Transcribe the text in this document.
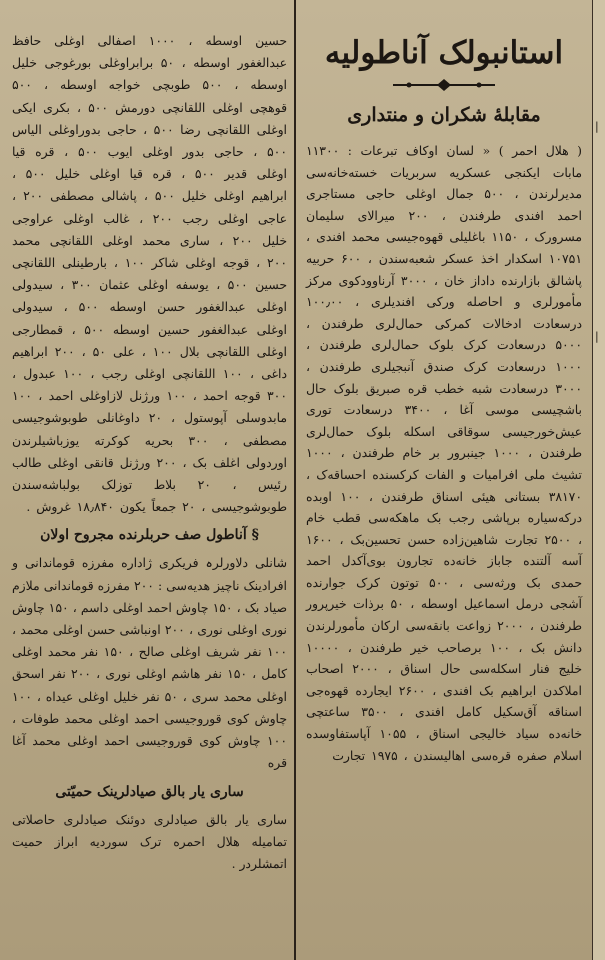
استانبولک آناطولیه
مقابلهٔ شکران و منتداری

( هلال احمر ) « لسان اوکاف تبرعات : ۱۱۳۰۰ مابات ایکنجی عسکریه سربریات خسته‌خانه‌سی مدیرلرندن ، ۵۰۰ جمال اوغلی حاجی مستاجری احمد افندی طرفندن ، ۲۰۰ میرالای سلیمان مسرورک ، ۱۱۵۰ باغلیلی قهوه‌جیسی محمد افندی ، ۱۰۷۵۱ اسکدار اخذ عسکر شعبه‌سندن ، ۶۰۰ حربیه پاشالق بازارنده داداز خان ، ۳۰۰۰ آرناوودکوی مرکز مأمورلری و احاصله ورکی افندیلری ، ۱۰۰٫۰۰ درسعادت ادخالات کمرکی حمال‌لری طرفندن ، ۵۰۰۰ درسعادت کرک بلوک حمال‌لری طرفندن ، ۱۰۰۰ درسعادت کرک صندق آنبجیلری طرفندن ، ۳۰۰۰ درسعادت شبه خطب قره صبریق بلوک حال باشچیسی موسی آغا ، ۳۴۰۰ درسعادت توری عیش‌خورجیسی سوقاقی اسکله بلوک حمال‌لری طرفندن ، ۱۰۰۰ جینبرور بر خام طرفندن ، ۱۰۰۰ تشیث ملی افرامیات و الفات کرکسنده احساقه‌ک ، ۳۸۱۷۰ بستانی هیئی اسناق طرفندن ، ۱۰۰ اوبده درکه‌سیاره برپاشی رجب بک ماهکه‌سی قطب خام ، ۲۵۰۰ تجارت شاهین‌زاده حسن تحسین‌بک ، ۱۶۰۰ آسه آلتنده جاباز خانه‌ده تجارون بوی‌آکدل احمد حمدی بک ورثه‌سی ، ۵۰۰ توتون کرک جوارنده آشجی درمل اسماعیل اوسطه ، ۵۰ برذات خیرپرور طرفندن ، ۲۰۰۰ زواعت بانقه‌سی ارکان مأمورلرندن دانش بک ، ۱۰۰ برصاحب خیر طرفندن ، ۱۰۰۰۰ خلیج فنار اسکله‌سی حال اسناق ، ۲۰۰۰ اصحاب املاکدن ابراهیم بک افندی ، ۲۶۰۰ ایجارده قهوه‌جی اسناقه آق‌سکیل کامل افندی ، ۳۵۰۰ ساعتچی خانه‌ده سیاد خالیجی اسناق ، ۱۰۵۵ آپاستفاوسده اسلام صفره قره‌سی اهالیسندن ، ۱۹۷۵ تجارت

حسین اوسطه ، ۱۰۰۰ اصفالی اوغلی حافظ عبدالغفور اوسطه ، ۵۰ برابراوغلی بورغوجی خلیل اوسطه ، ۵۰۰ طوبچی خواجه اوسطه ، ۵۰۰ قوهچی اوغلی اللقانچی دورمش ۵۰۰ ، بکری ایکی اوغلی اللقانچی رضا ۵۰۰ ، حاجی بدوراوغلی الیاس ۵۰۰ ، حاجی بدور اوغلی ایوب ۵۰۰ ، قره قیا اوغلی قدیر ۵۰۰ ، قره قیا اوغلی خلیل ۵۰۰ ، ابراهیم اوغلی خلیل ۵۰۰ ، پاشالی مصطفی ۲۰۰ ، عاجی اوغلی رجب ۲۰۰ ، غالب اوغلی عراوجی خلیل ۲۰۰ ، ساری محمد اوغلی اللقانچی محمد ۲۰۰ ، قوجه اوغلی شاکر ۱۰۰ ، بارطینلی اللقانچی حسین ۵۰۰ ، یوسفه اوغلی عثمان ۳۰۰ ، سیدولی اوغلی عبدالغفور حسن اوسطه ۵۰۰ ، سیدولی اوغلی عبدالغفور حسین اوسطه ۵۰۰ ، قمطارجی اوغلی اللقانچی بلال ۱۰۰ ، علی ۵۰ ، ۲۰۰ ابراهیم داغی ، ۱۰۰ اللقانچی اوغلی رجب ، ۱۰۰ عبدول ، ۳۰۰ قوجه احمد ، ۱۰۰ ورژنل لازاوغلی احمد ، ۱۰۰ مابدوسلی آپوستول ، ۲۰ داوغانلی طوبوشوجیسی مصطفی ، ۳۰۰ بحریه کوکرته یوزباشیلرندن اوردولی اغلف بک ، ۲۰۰ ورژنل قانقی اوغلی طالب رئیس ، ۲۰ بلاط توزلک بولباشه‌سندن طوبوشوجیسی ، ۲۰ جمعاً یکون ۱۸٫۸۴۰ غروش .

§ آناطول صف حربلرنده مجروح اولان

شانلی دلاورلرہ فریکری ژاداره مفرزه قوماندانی و افرادینک ناچیز هدیه‌سی : ۲۰۰ مفرزه قوماندانی ملازم صیاد بک ، ۱۵۰ چاوش احمد اوغلی داسم ، ۱۵۰ چاوش نوری اوغلی نوری ، ۲۰۰ اونباشی حسن اوغلی محمد ، ۱۰۰ نفر شریف اوغلی صالح ، ۱۵۰ نفر محمد اوغلی کامل ، ۱۵۰ نفر هاشم اوغلی نوری ، ۲۰۰ نفر اسحق اوغلی محمد سری ، ۵۰ نفر خلیل اوغلی عیداه ، ۱۰۰ چاوش کوی قوروجیسی احمد اوغلی محمد طوفات ، ۱۰۰ چاوش کوی قوروجیسی احمد اوغلی محمد آغا قره

ساری یار بالق صیادلرینک حمیّتی

ساری یار بالق صیادلری دوئنک صیادلری حاصلاتی تمامیله هلال احمره ترک سوردیه ابراز حمیت اتمشلردر .

|
|
